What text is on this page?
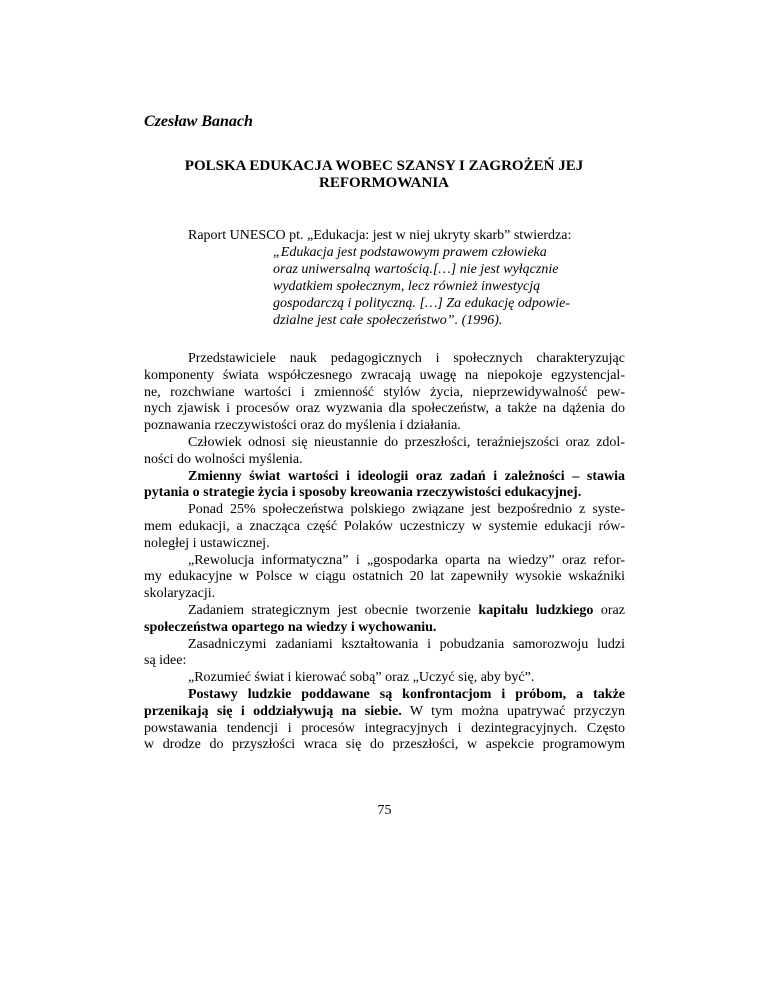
Czesław Banach
POLSKA EDUKACJA WOBEC SZANSY I ZAGROŻEŃ JEJ
REFORMOWANIA
Raport UNESCO pt. „Edukacja: jest w niej ukryty skarb” stwierdza:
„Edukacja jest podstawowym prawem człowieka
oraz uniwersalną wartością.[…] nie jest wyłącznie
wydatkiem społecznym, lecz również inwestycją
gospodarczą i polityczną. […] Za edukację odpowie-
dzialne jest całe społeczeństwo”. (1996).
Przedstawiciele nauk pedagogicznych i społecznych charakteryzując
komponenty świata współczesnego zwracają uwagę na niepokoje egzystencjal-
ne, rozchwiane wartości i zmienność stylów życia, nieprzewidywalność pew-
nych zjawisk i procesów oraz wyzwania dla społeczeństw, a także na dążenia do
poznawania rzeczywistości oraz do myślenia i działania.
Człowiek odnosi się nieustannie do przeszłości, teraźniejszości oraz zdol-
ności do wolności myślenia.
Zmienny świat wartości i ideologii oraz zadań i zależności – stawia
pytania o strategie życia i sposoby kreowania rzeczywistości edukacyjnej.
Ponad 25% społeczeństwa polskiego związane jest bezpośrednio z syste-
mem edukacji, a znacząca część Polaków uczestniczy w systemie edukacji rów-
noległej i ustawicznej.
„Rewolucja informatyczna” i „gospodarka oparta na wiedzy” oraz refor-
my edukacyjne w Polsce w ciągu ostatnich 20 lat zapewniły wysokie wskaźniki
skolaryzacji.
Zadaniem strategicznym jest obecnie tworzenie kapitału ludzkiego oraz
społeczeństwa opartego na wiedzy i wychowaniu.
Zasadniczymi zadaniami kształtowania i pobudzania samorozwoju ludzi
są idee:
„Rozumieć świat i kierować sobą” oraz „Uczyć się, aby być”.
Postawy ludzkie poddawane są konfrontacjom i próbom, a także
przenikają się i oddziaływują na siebie. W tym można upatrywać przyczyn
powstawania tendencji i procesów integracyjnych i dezintegracyjnych. Często
w drodze do przyszłości wraca się do przeszłości, w aspekcie programowym
75
